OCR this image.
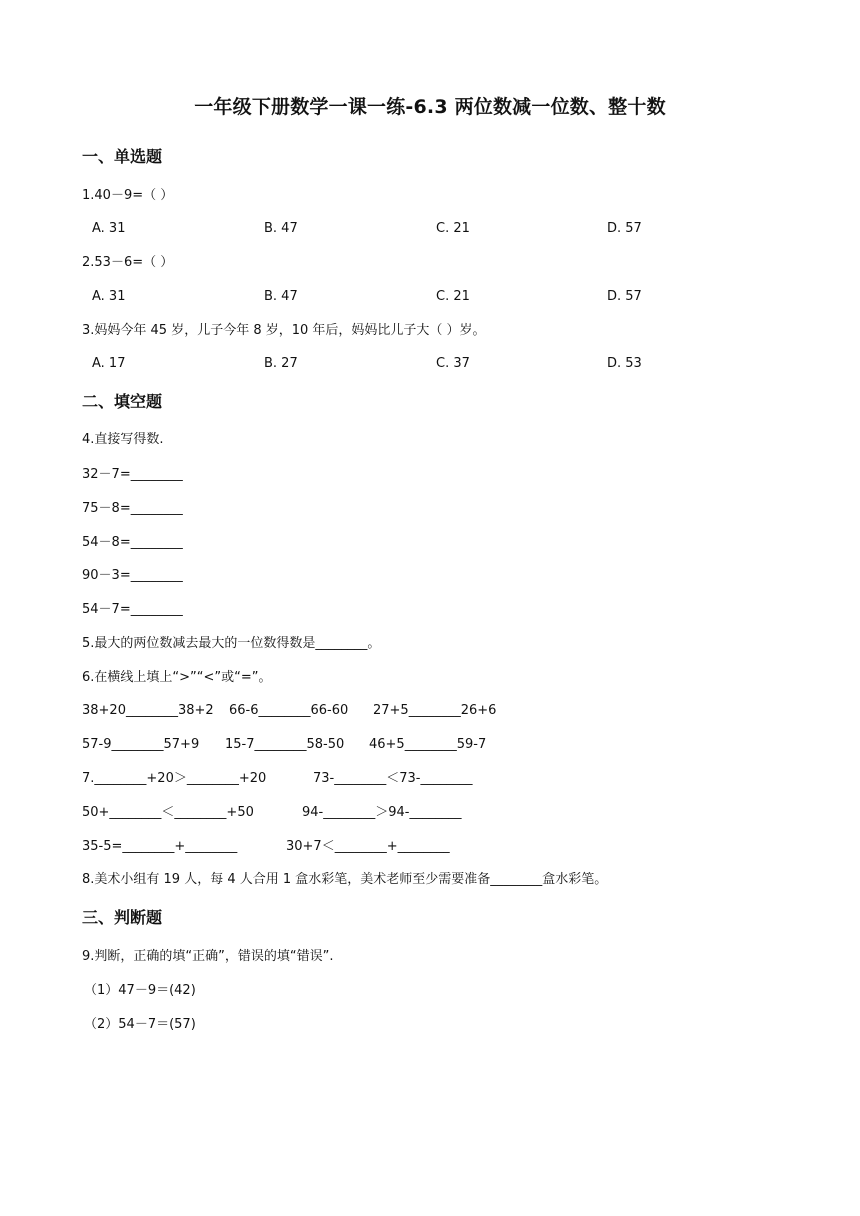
一年级下册数学一课一练-6.3 两位数减一位数、整十数
一、单选题
1.40－9=（ ）
A. 31	B. 47	C. 21	D. 57
2.53－6=（ ）
A. 31	B. 47	C. 21	D. 57
3.妈妈今年 45 岁，儿子今年 8 岁，10 年后，妈妈比儿子大（ ）岁。
A. 17	B. 27	C. 37	D. 53
二、填空题
4.直接写得数.
32－7=________
75－8=________
54－8=________
90－3=________
54－7=________
5.最大的两位数减去最大的一位数得数是________。
6.在横线上填上“>”“<”或“=”。
38+20________38+2 66-6________66-60 27+5________26+6
57-9________57+9 15-7________58-50 46+5________59-7
7.________+20＞________+20	73-________＜73-________
50+________＜________+50	94-________＞94-________
35-5=________+________	30+7＜________+________
8.美术小组有 19 人，每 4 人合用 1 盒水彩笔，美术老师至少需要准备________盒水彩笔。
三、判断题
9.判断，正确的填“正确”，错误的填“错误”.
（1）47－9＝(42)
（2）54－7＝(57)
